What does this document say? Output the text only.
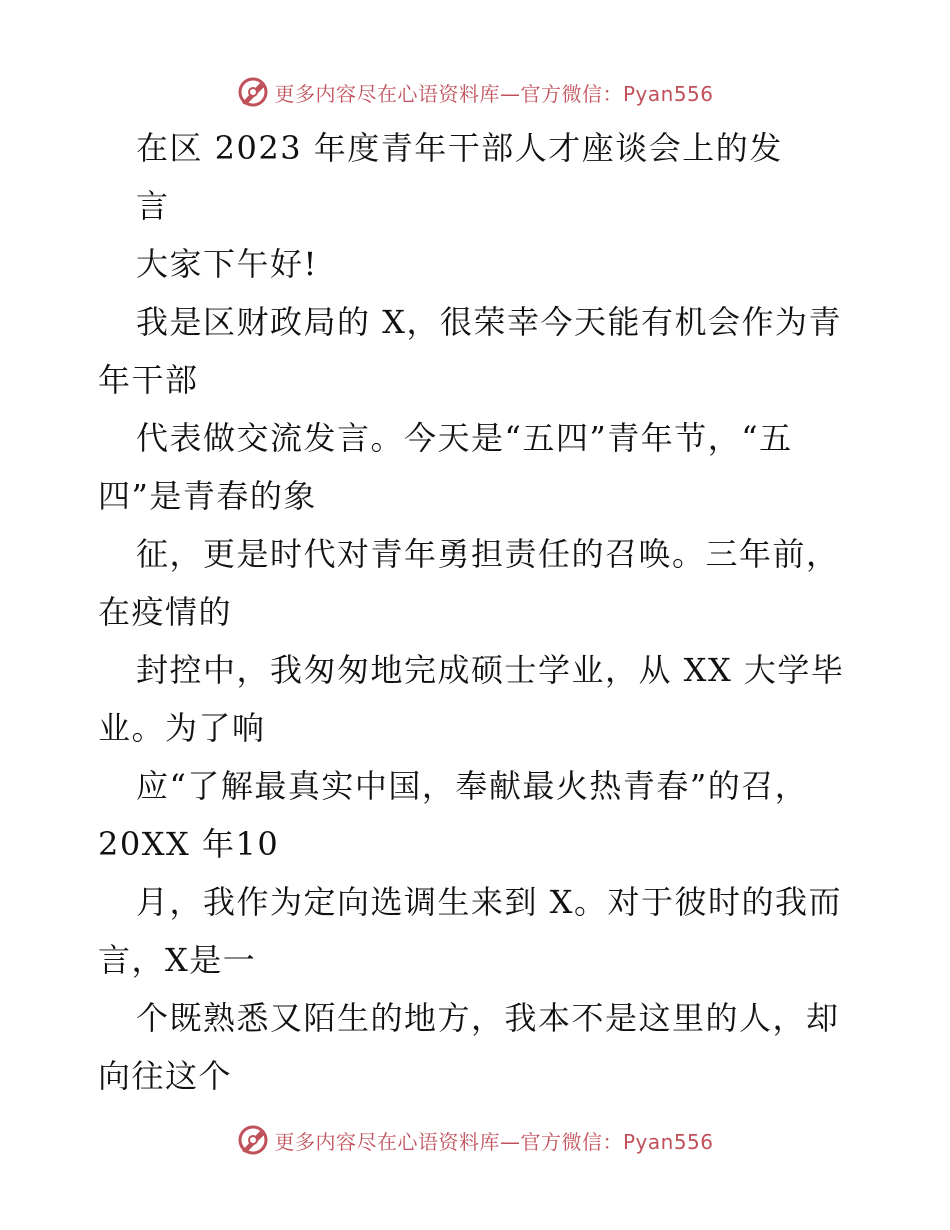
更多内容尽在心语资料库—官方微信：Pyan556
在区 2023 年度青年干部人才座谈会上的发
言
大家下午好!
我是区财政局的 X，很荣幸今天能有机会作为青
年干部
代表做交流发言。今天是“五四”青年节，“五
四”是青春的象
征，更是时代对青年勇担责任的召唤。三年前，
在疫情的
封控中，我匆匆地完成硕士学业，从 XX 大学毕
业。为了响
应“了解最真实中国，奉献最火热青春”的召，
20XX 年10
月，我作为定向选调生来到 X。对于彼时的我而
言，X是一
个既熟悉又陌生的地方，我本不是这里的人，却
向往这个
更多内容尽在心语资料库—官方微信：Pyan556
